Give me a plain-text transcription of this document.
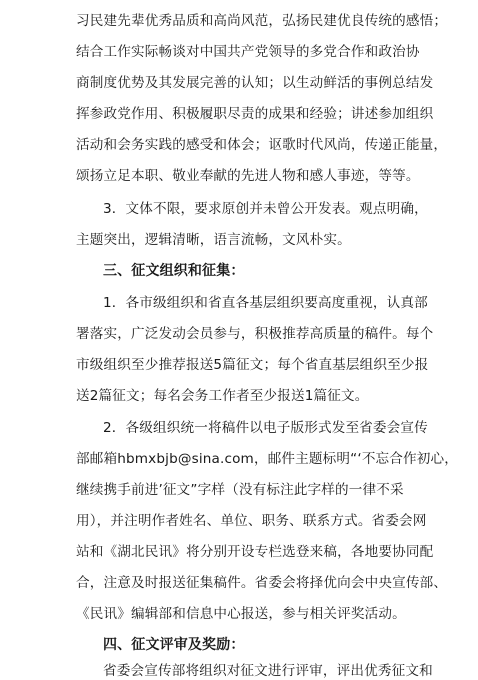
习民建先辈优秀品质和高尚风范，弘扬民建优良传统的感悟；
结合工作实际畅谈对中国共产党领导的多党合作和政治协
商制度优势及其发展完善的认知；以生动鲜活的事例总结发
挥参政党作用、积极履职尽责的成果和经验；讲述参加组织
活动和会务实践的感受和体会；讴歌时代风尚，传递正能量，
颂扬立足本职、敬业奉献的先进人物和感人事迹，等等。
3．文体不限，要求原创并未曾公开发表。观点明确，
主题突出，逻辑清晰，语言流畅，文风朴实。
三、征文组织和征集：
1．各市级组织和省直各基层组织要高度重视，认真部
署落实，广泛发动会员参与，积极推荐高质量的稿件。每个
市级组织至少推荐报送5篇征文；每个省直基层组织至少报
送2篇征文；每名会务工作者至少报送1篇征文。
2．各级组织统一将稿件以电子版形式发至省委会宣传
部邮箱hbmxbjb@sina.com，邮件主题标明“‘不忘合作初心，
继续携手前进’征文”字样（没有标注此字样的一律不采
用），并注明作者姓名、单位、职务、联系方式。省委会网
站和《湖北民讯》将分别开设专栏选登来稿，各地要协同配
合，注意及时报送征集稿件。省委会将择优向会中央宣传部、
《民讯》编辑部和信息中心报送，参与相关评奖活动。
四、征文评审及奖励：
省委会宣传部将组织对征文进行评审，评出优秀征文和
